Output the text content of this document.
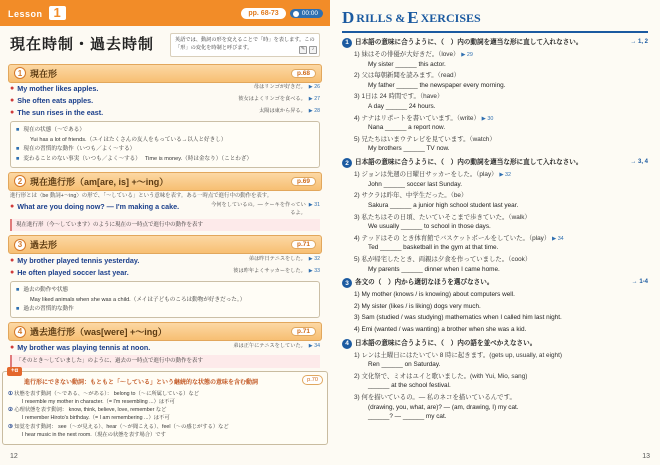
Lesson 1	pp. 68-73	00:00
現在時制・過去時制	英語では、動詞の形を変えることで「時」を表します。この「形」の変化を時制と呼びます。	✎	♪
1 現在形	p.68
● My mother likes apples.	母はリンゴが好きだ。	▶ 26
● She often eats apples.	彼女はよくリンゴを食べる。	▶ 27
● The sun rises in the east.	太陽は東から昇る。	▶ 28
■ 現在の状態（～である）
Yui has a lot of friends.（ユイはたくさんの友人をもっている→以人と好きし）
■ 現在の習慣的な動作（いつも／よく～する）
■ 変わることのない事実（いつも／よく～する） Time is money.（時は金なり）（ことわざ）
2 現在進行形（am[are, is] +～ing）	p.69
進行形とは〈be 動詞+～ing〉の形で、「～している」という意味を表す。ある一時点で進行中の動作を表す。
● What are you doing now? — I'm making a cake.	今何をしているの。— ケーキを作っているよ。
▶ 31
現在進行形（今～しています）のように現在の一時点で進行中の動作を表す
3 過去形	p.71
● My brother played tennis yesterday.	弟は昨日テニスをした。	▶ 32
● He often played soccer last year.	彼は昨年よくサッカーをした。	▶ 33
■ 過去の動作や状態
May liked animals when she was a child.（メイは子どものころは動物が好きだった。）
■ 過去の習慣的な動作
4 過去進行形（was[were] +～ing）	p.71
● My brother was playing tennis at noon.	弟は正午にテニスをしていた。	▶ 34
「そのとき～していました」のように、過去の一時点で進行中の動作を表す
+α
p.70
進行形にできない動詞：もともと「～している」という継続的な状態の意味を含む動詞
① 状態を表す動詞（～である、～がある）： belong to（～に所属している）など
I resemble my mother in character.（= I'm resembling ...）は不可
② 心理状態を表す動詞： know, think, believe, love, remember など
I remember Hiroto's birthday.（= I am remembering ...）は不可
③ 知覚を表す動詞： see（～が見える）、hear（～が聞こえる）、feel（～の感じがする）など
I hear music in the next room.（現在の状態を表す場合）です
12
D RILLS & E XERCISES
1 日本語の意味に合うように、（　）内の動詞を適当な形に直して入れなさい。	→ 1, 2
1) 妹はその俳優が大好きだ。（love） ▶ 29
My sister ______ this actor.
2) 父は毎朝新聞を読みます。（read）
My father ______ the newspaper every morning.
3) 1日は 24 時間です。（have）
A day ______ 24 hours.
4) ナナはリポートを書いています。（write） ▶ 30
Nana ______ a report now.
5) 兄たちはいまウテレビを見ています。（watch）
My brothers ______ TV now.
2 日本語の意味に合うように、（　）内の動詞を適当な形に直して入れなさい。	→ 3, 4
1) ジョンは先週の日曜日サッカーをした。（play） ▶ 32
John ______ soccer last Sunday.
2) サクラは昨年、中学生だった。（be）
Sakura ______ a junior high school student last year.
3) 私たちはその日頃、たいていそこまで歩きていた。（walk）
We usually ______ to school in those days.
4) テッドはその とき体育館でバスケットボールをしていた。（play） ▶ 34
Ted ______ basketball in the gym at that time.
5) 私が帰宅したとき、両親は夕食を作っていました。（cook）
My parents ______ dinner when I came home.
3 各文の（　）内から適切なほうを選びなさい。	→ 1-4
1) My mother (knows / is knowing) about computers well.
2) My sister (likes / is liking) dogs very much.
3) Sam (studied / was studying) mathematics when I called him last night.
4) Emi (wanted / was wanting) a brother when she was a kid.
4 日本語の意味に合うように、（　）内の語を並べかえなさい。
1) レンは土曜日にはたいてい 8 時に起きます。(gets up, usually, at eight)
Ren ______ on Saturday.
2) 文化祭で、ミオはユイと歌いました。(with Yui, Mio, sang)
______ at the school festival.
3) 何を描いているの。— 私のネコを描いているんです。
(drawing, you, what, are)? — (am, drawing, I) my cat.
______? — ______ my cat.
13
